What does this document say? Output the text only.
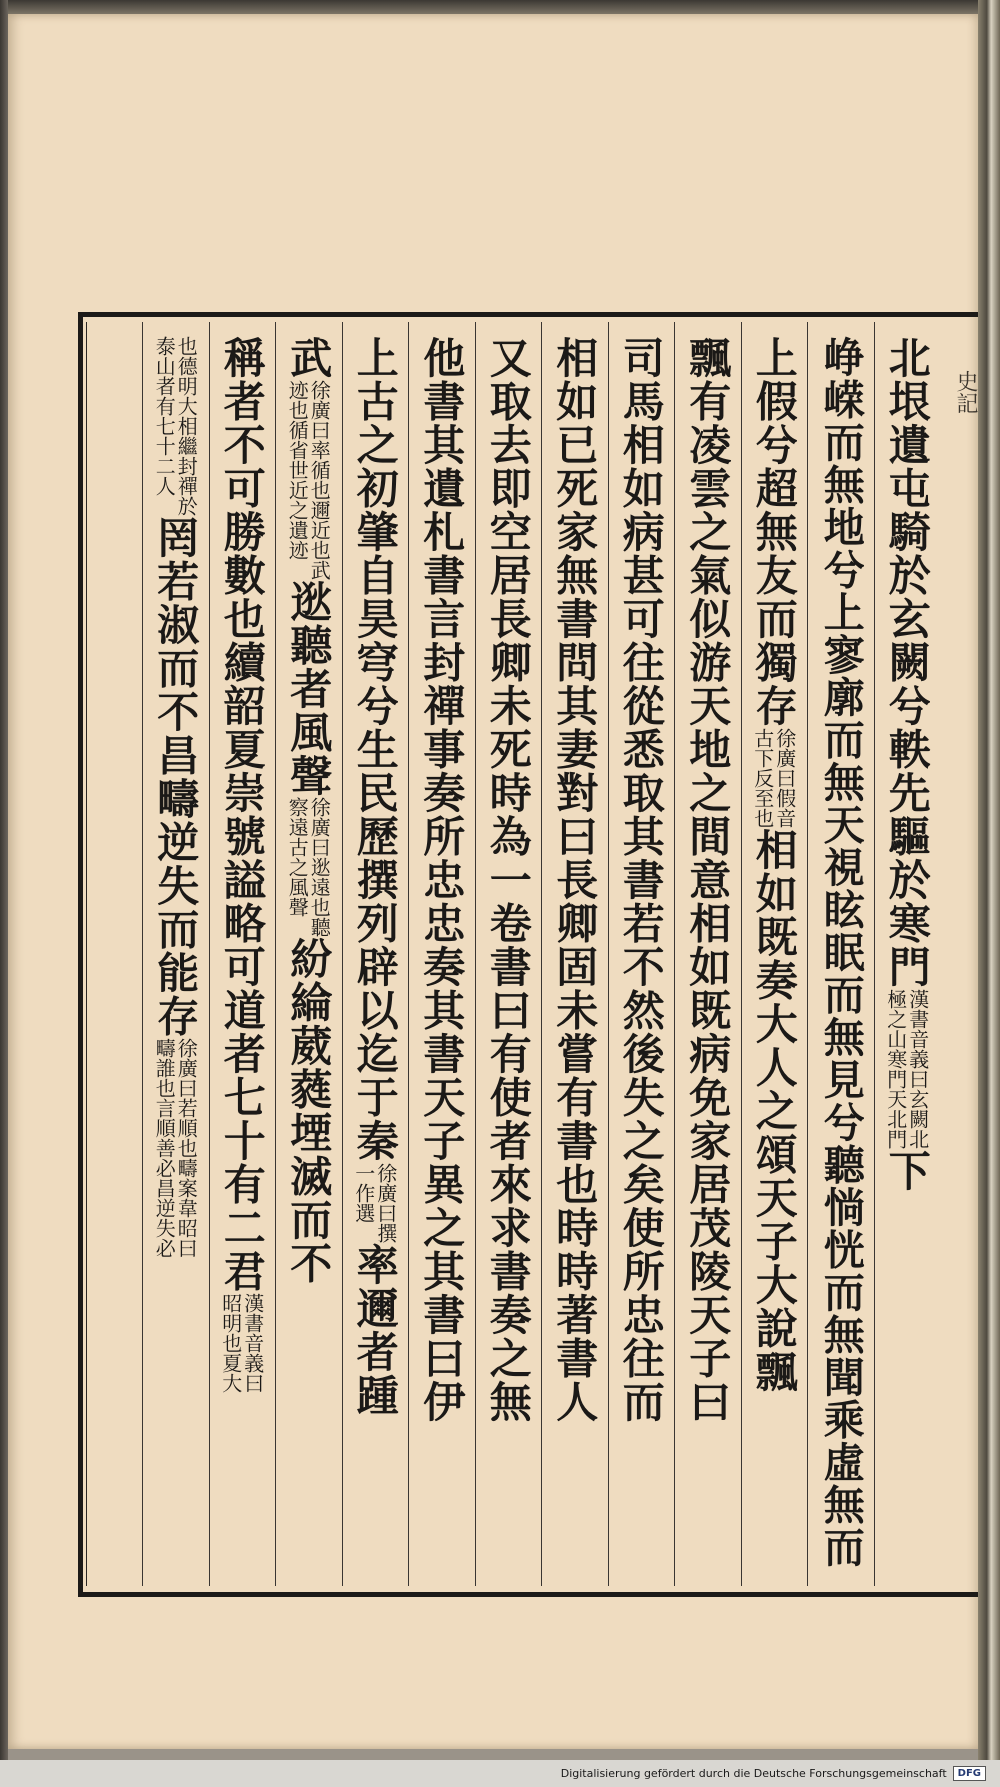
史記
北垠遺屯騎於玄闕兮軼先驅於寒門
漢書音義曰玄闕北
極之山寒門天北門
下
峥嵘而無地兮上寥廓而無天視眩眠而無見兮聽惝恍而無聞乘虛無而
上假兮超無友而獨存
徐廣曰假音
古下反至也
相如既奏大人之頌天子大說飄
飄有凌雲之氣似游天地之間意相如既病免家居茂陵天子曰
司馬相如病甚可往從悉取其書若不然後失之矣使所忠往而
相如已死家無書問其妻對曰長卿固未嘗有書也時時著書人
又取去即空居長卿未死時為一卷書曰有使者來求書奏之無
他書其遺札書言封禪事奏所忠忠奏其書天子異之其書曰伊
上古之初肇自昊穹兮生民歷撰列辟以迄于秦
徐廣曰撰
一作選
率邇者踵
武
徐廣曰率循也邇近也武
迹也循省世近之遺迹
逖聽者風聲
徐廣曰逖遠也聽
察遠古之風聲
紛綸葳蕤堙滅而不
稱者不可勝數也續韶夏崇號謚略可道者七十有二君
漢書音義曰
昭明也夏大
也德明大相繼封禪於
泰山者有七十二人
罔若淑而不昌疇逆失而能存
徐廣曰若順也疇案韋昭曰
疇誰也言順善必昌逆失必
Digitalisierung gefördert durch die Deutsche Forschungsgemeinschaft	DFG
